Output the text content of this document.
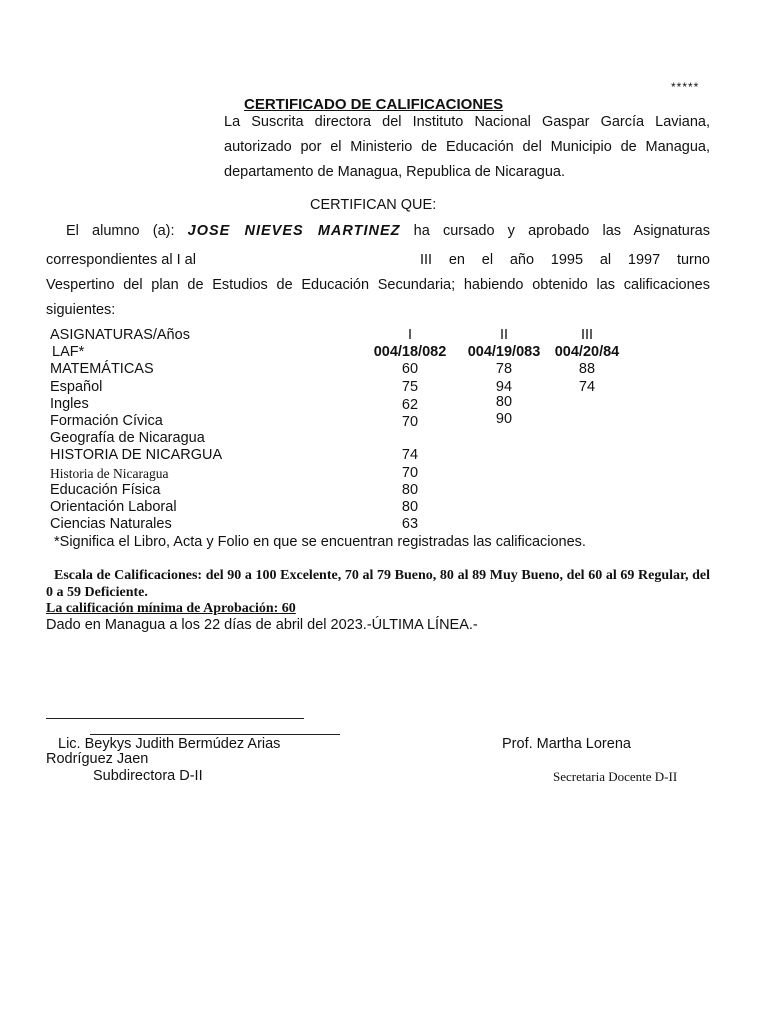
*****
CERTIFICADO DE CALIFICACIONES
La Suscrita directora del Instituto Nacional Gaspar García Laviana,
autorizado por el Ministerio de Educación del Municipio de Managua,
departamento de Managua, Republica de Nicaragua.
CERTIFICAN QUE:
El alumno (a): JOSE NIEVES MARTINEZ ha cursado y aprobado las Asignaturas
correspondientes al I al	III en el año 1995 al 1997 turno
Vespertino del plan de Estudios de Educación Secundaria; habiendo obtenido las calificaciones
siguientes:
ASIGNATURAS/Años	I	II	III
LAF*	004/18/082	004/19/083 004/20/84
MATEMÁTICAS	60	78	88
Español	75	94	74
Ingles	62	80
Formación Cívica	70	90
Geografía de Nicaragua
HISTORIA DE NICARGUA	74
Historia de Nicaragua	70
Educación Física	80
Orientación Laboral	80
Ciencias Naturales	63
*Significa el Libro, Acta y Folio en que se encuentran registradas las calificaciones.
Escala de Calificaciones: del 90 a 100 Excelente, 70 al 79 Bueno, 80 al 89 Muy Bueno, del 60 al 69 Regular, del 0 a 59 Deficiente.
La calificación mínima de Aprobación: 60
Dado en Managua a los 22 días de abril del 2023.-ÚLTIMA LÍNEA.-
Lic. Beykys Judith Bermúdez Arias
Rodríguez Jaen
Prof. Martha Lorena
Subdirectora D-II	Secretaria Docente D-II
